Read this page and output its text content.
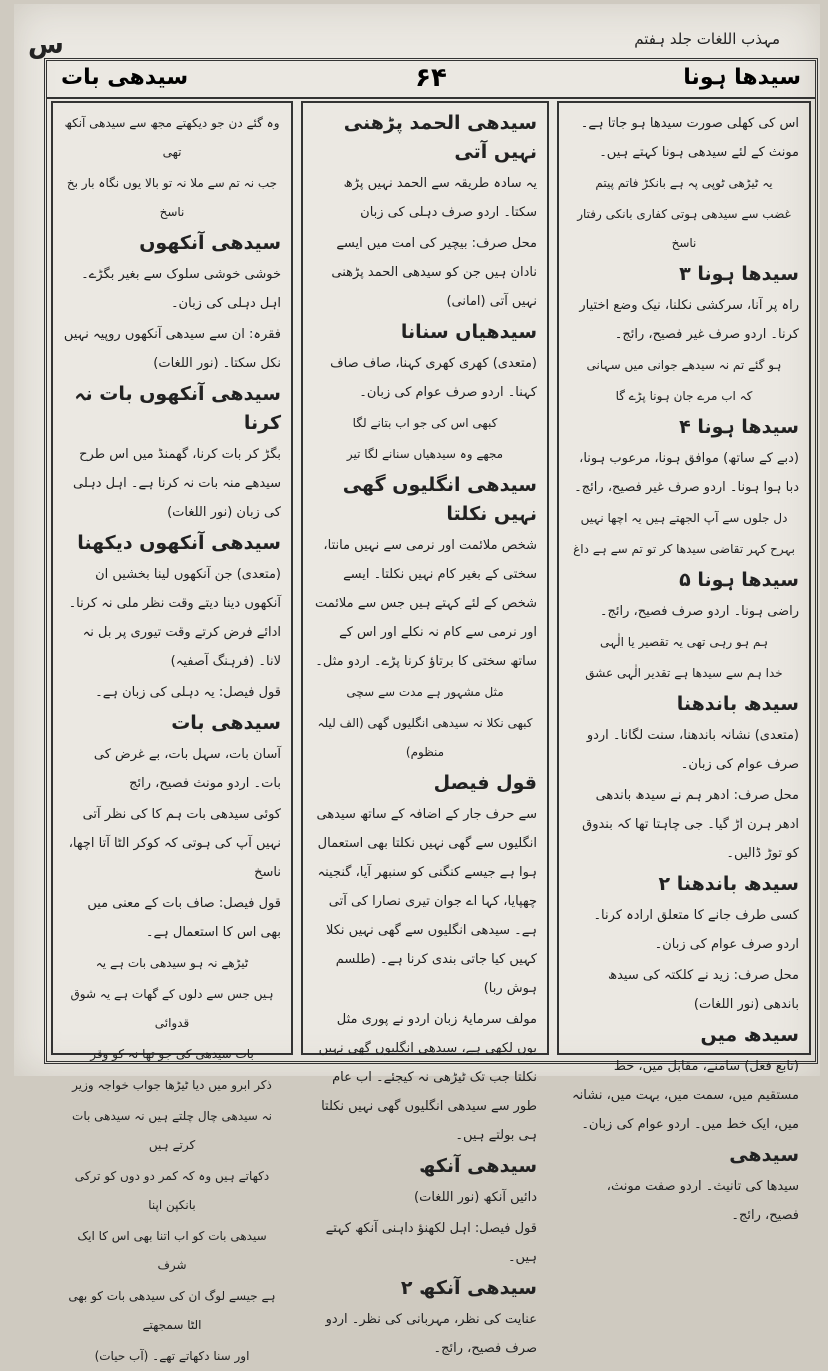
س	مہذب اللغات جلد ہفتم
سیدھی بات	۶۴	سیدھا ہونا
اس کی کھلی صورت سیدھا ہو جاتا ہے۔ مونث کے لئے سیدھی ہونا کہتے ہیں۔
یہ ٹیڑھی ٹوپی پہ ہے بانکڑ فاتم پیتم
غضب سے سیدھی ہوتی کفاری بانکی رفتار ناسخ
سیدھا ہونا ۳
راہ پر آنا، سرکشی نکلنا، نیک وضع اختیار کرنا۔ اردو صرف غیر فصیح، رائج۔
ہو گئے تم نہ سیدھے جوانی میں سہانی
کہ اب مرے جان ہونا پڑے گا
سیدھا ہونا ۴
(دبے کے ساتھ) موافق ہونا، مرعوب ہونا، دبا ہوا ہونا۔ اردو صرف غیر فصیح، رائج۔
دل جلوں سے آپ الجھتے ہیں یہ اچھا نہیں
بہرح کہر تقاضی سیدھا کر تو تم سے ہے داغ
سیدھا ہونا ۵
راضی ہونا۔ اردو صرف فصیح، رائج۔
ہم ہو رہی تھی یہ تقصیر یا الٰہی
خدا ہم سے سیدھا ہے تقدیر الٰہی عشق
سیدھ باندھنا
(متعدی) نشانہ باندھنا، سنت لگانا۔ اردو صرف عوام کی زبان۔
محل صرف: ادھر ہم نے سیدھ باندھی ادھر ہرن اڑ گیا۔ جی چاہتا تھا کہ بندوق کو توڑ ڈالیں۔
سیدھ باندھنا ۲
کسی طرف جانے کا متعلق ارادہ کرنا۔ اردو صرف عوام کی زبان۔
محل صرف: زید نے کلکتہ کی سیدھ باندھی (نور اللغات)
سیدھ میں
(تابع فعل) سامنے، مقابل میں، خط مستقیم میں، سمت میں، بہت میں، نشانہ میں، ایک خط میں۔ اردو عوام کی زبان۔
سیدھی
سیدھا کی تانیث۔ اردو صفت مونث، فصیح، رائج۔
سیدھی الحمد پڑھنی نہیں آتی
یہ سادہ طریقہ سے الحمد نہیں پڑھ سکتا۔ اردو صرف دہلی کی زبان
محل صرف: بیچیر کی امت میں ایسے نادان ہیں جن کو سیدھی الحمد پڑھنی نہیں آتی (امانی)
سیدھیاں سنانا
(متعدی) کھری کھری کہنا، صاف صاف کہنا۔ اردو صرف عوام کی زبان۔
کبھی اس کی جو اب بتانے لگا
مجھے وہ سیدھیاں سنانے لگا تیر
سیدھی انگلیوں گھی نہیں نکلتا
شخص ملائمت اور نرمی سے نہیں مانتا، سختی کے بغیر کام نہیں نکلتا۔ ایسے شخص کے لئے کہتے ہیں جس سے ملائمت اور نرمی سے کام نہ نکلے اور اس کے ساتھ سختی کا برتاؤ کرنا پڑے۔ اردو مثل۔
مثل مشہور ہے مدت سے سچی
کبھی نکلا نہ سیدھی انگلیوں گھی (الف لیلہ منظوم)
قول فیصل
سے حرف جار کے اضافہ کے ساتھ سیدھی انگلیوں سے گھی نہیں نکلتا بھی استعمال ہوا ہے جیسے کنگنی کو سنبھر آیا، گنجینہ چھپایا، کہا اے جوان تیری نصارا کی آتی ہے۔ سیدھی انگلیوں سے گھی نہیں نکلا کہیں کیا جاتی بندی کرنا ہے۔ (طلسم ہوش ربا)
مولف سرمایۂ زبان اردو نے پوری مثل یوں لکھی ہے، سیدھی انگلیوں گھی نہیں نکلتا جب تک ٹیڑھی نہ کیجئے۔ اب عام طور سے سیدھی انگلیوں گھی نہیں نکلتا ہی بولتے ہیں۔
سیدھی آنکھ
دائیں آنکھ (نور اللغات)
قول فیصل: اہل لکھنؤ داہنی آنکھ کہتے ہیں۔
سیدھی آنکھ ۲
عنایت کی نظر، مہربانی کی نظر۔ اردو صرف فصیح، رائج۔
وہ گئے دن جو دیکھتے مجھ سے سیدھی آنکھ تھی
جب نہ تم سے ملا نہ تو بالا یوں نگاہ بار بخ ناسخ
سیدھی آنکھوں
خوشی خوشی سلوک سے بغیر بگڑے۔ اہل دہلی کی زبان۔
فقرہ: ان سے سیدھی آنکھوں روپیہ نہیں نکل سکتا۔ (نور اللغات)
سیدھی آنکھوں بات نہ کرنا
بگڑ کر بات کرنا، گھمنڈ میں اس طرح سیدھے منہ بات نہ کرنا ہے۔ اہل دہلی کی زبان (نور اللغات)
سیدھی آنکھوں دیکھنا
(متعدی) جن آنکھوں لینا بخشیں ان آنکھوں دینا دیتے وقت نظر ملی نہ کرنا۔ ادائے فرض کرتے وقت تیوری پر بل نہ لانا۔ (فرہنگ آصفیہ)
قول فیصل: یہ دہلی کی زبان ہے۔
سیدھی بات
آسان بات، سہل بات، بے غرض کی بات۔ اردو مونث فصیح، رائج
کوئی سیدھی بات ہم کا کی نظر آتی نہیں آپ کی ہوتی کہ کوکر الٹا آتا اچھا، ناسخ
قول فیصل: صاف بات کے معنی میں بھی اس کا استعمال ہے۔
ٹیڑھے نہ ہو سیدھی بات ہے یہ
ہیں جس سے دلوں کے گھات ہے یہ شوق قدوائی
بات سیدھی کی جو تھا نہ کو وقر
ذکر ابرو میں دیا ٹیڑھا جواب خواجہ وزیر
نہ سیدھی چال چلتے ہیں نہ سیدھی بات کرتے ہیں
دکھاتے ہیں وہ کہ کمر دو دوں کو ترکی بانکپن اپنا
سیدھی بات کو اب اتنا بھی اس کا ایک شرف
ہے جیسے لوگ ان کی سیدھی بات کو بھی الٹا سمجھتے
اور سنا دکھاتے تھے۔ (آب حیات)
